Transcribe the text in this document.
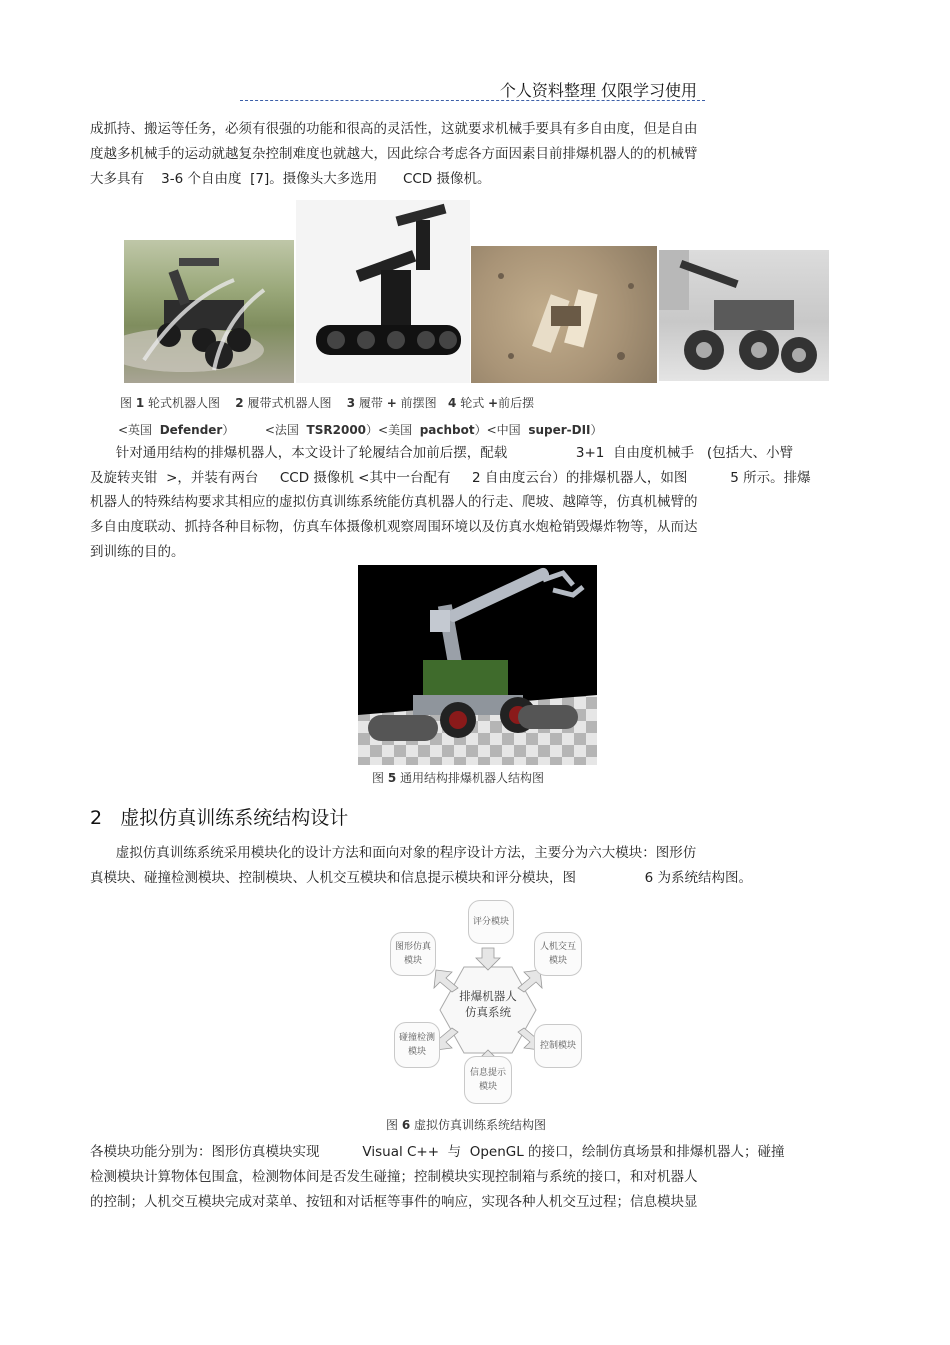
个人资料整理 仅限学习使用
成抓持、搬运等任务，必须有很强的功能和很高的灵活性，这就要求机械手要具有多自由度，但是自由
度越多机械手的运动就越复杂控制难度也就越大，因此综合考虑各方面因素目前排爆机器人的的机械臂
大多具有    3-6 个自由度  [7]。摄像头大多选用      CCD 摄像机。
图 1 轮式机器人图    2 履带式机器人图    3 履带 + 前摆图   4 轮式 +前后摆
<英国  Defender）        <法国  TSR2000）<美国  pachbot）<中国  super-DII）
针对通用结构的排爆机器人，本文设计了轮履结合加前后摆，配载                3+1  自由度机械手   (包括大、小臂
及旋转夹钳  >，并装有两台     CCD 摄像机 <其中一台配有     2 自由度云台）的排爆机器人，如图          5 所示。排爆
机器人的特殊结构要求其相应的虚拟仿真训练系统能仿真机器人的行走、爬坡、越障等，仿真机械臂的
多自由度联动、抓持各种目标物，仿真车体摄像机观察周围环境以及仿真水炮枪销毁爆炸物等，从而达
到训练的目的。
图 5 通用结构排爆机器人结构图
2 虚拟仿真训练系统结构设计
虚拟仿真训练系统采用模块化的设计方法和面向对象的程序设计方法，主要分为六大模块：图形仿
真模块、碰撞检测模块、控制模块、人机交互模块和信息提示模块和评分模块，图                6 为系统结构图。
排爆机器人
仿真系统
评分模块
图形仿真
模块
人机交互
模块
碰撞检测
模块
控制模块
信息提示
模块
图 6 虚拟仿真训练系统结构图
各模块功能分别为：图形仿真模块实现          Visual C++  与  OpenGL 的接口，绘制仿真场景和排爆机器人；碰撞
检测模块计算物体包围盒，检测物体间是否发生碰撞；控制模块实现控制箱与系统的接口，和对机器人
的控制；人机交互模块完成对菜单、按钮和对话框等事件的响应，实现各种人机交互过程；信息模块显
